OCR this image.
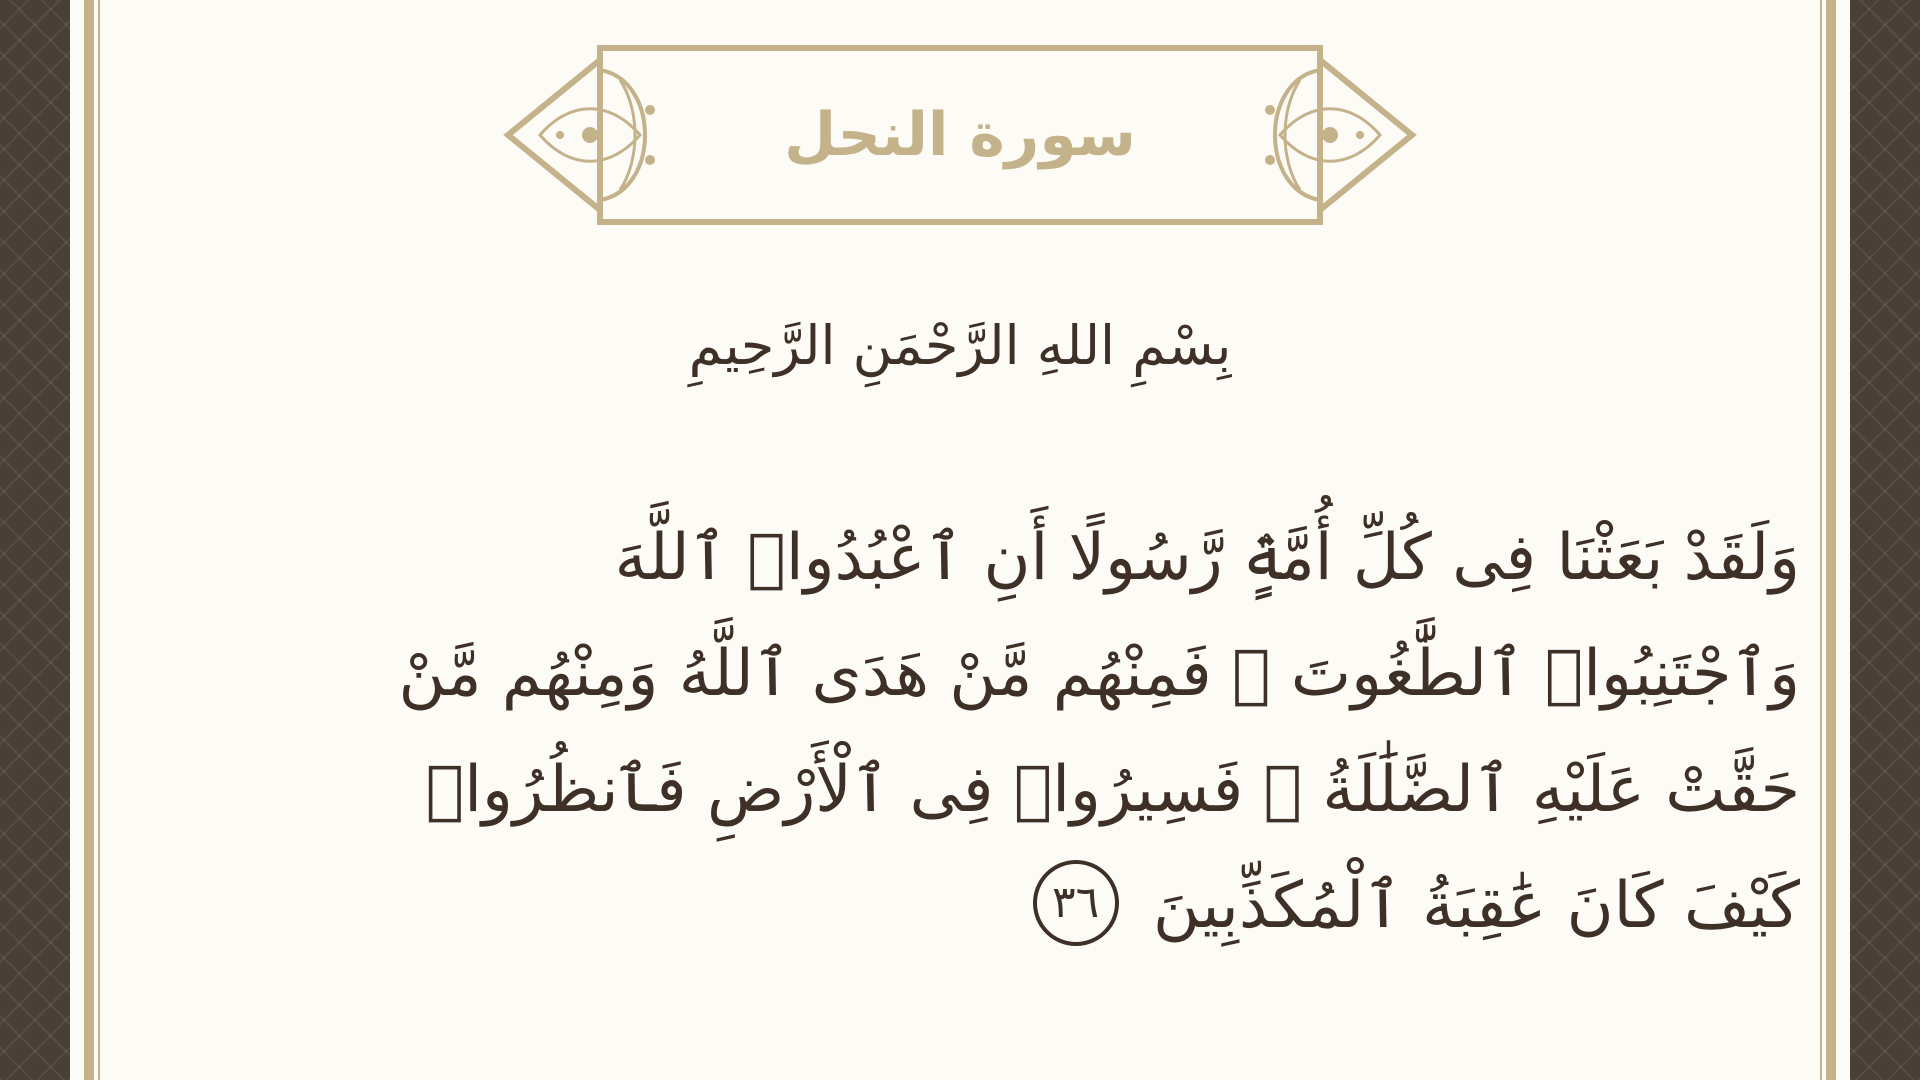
سورة النحل
بِسْمِ اللهِ الرَّحْمَنِ الرَّحِيمِ
وَلَقَدْ بَعَثْنَا فِى كُلِّ أُمَّةٍۢ رَّسُولًا أَنِ ٱعْبُدُوا۟ ٱللَّهَ وَٱجْتَنِبُوا۟ ٱلطَّٰغُوتَ ۖ فَمِنْهُم مَّنْ هَدَى ٱللَّهُ وَمِنْهُم مَّنْ حَقَّتْ عَلَيْهِ ٱلضَّلَٰلَةُ ۚ فَسِيرُوا۟ فِى ٱلْأَرْضِ فَٱنظُرُوا۟ كَيْفَ كَانَ عَٰقِبَةُ ٱلْمُكَذِّبِينَ
٣٦
